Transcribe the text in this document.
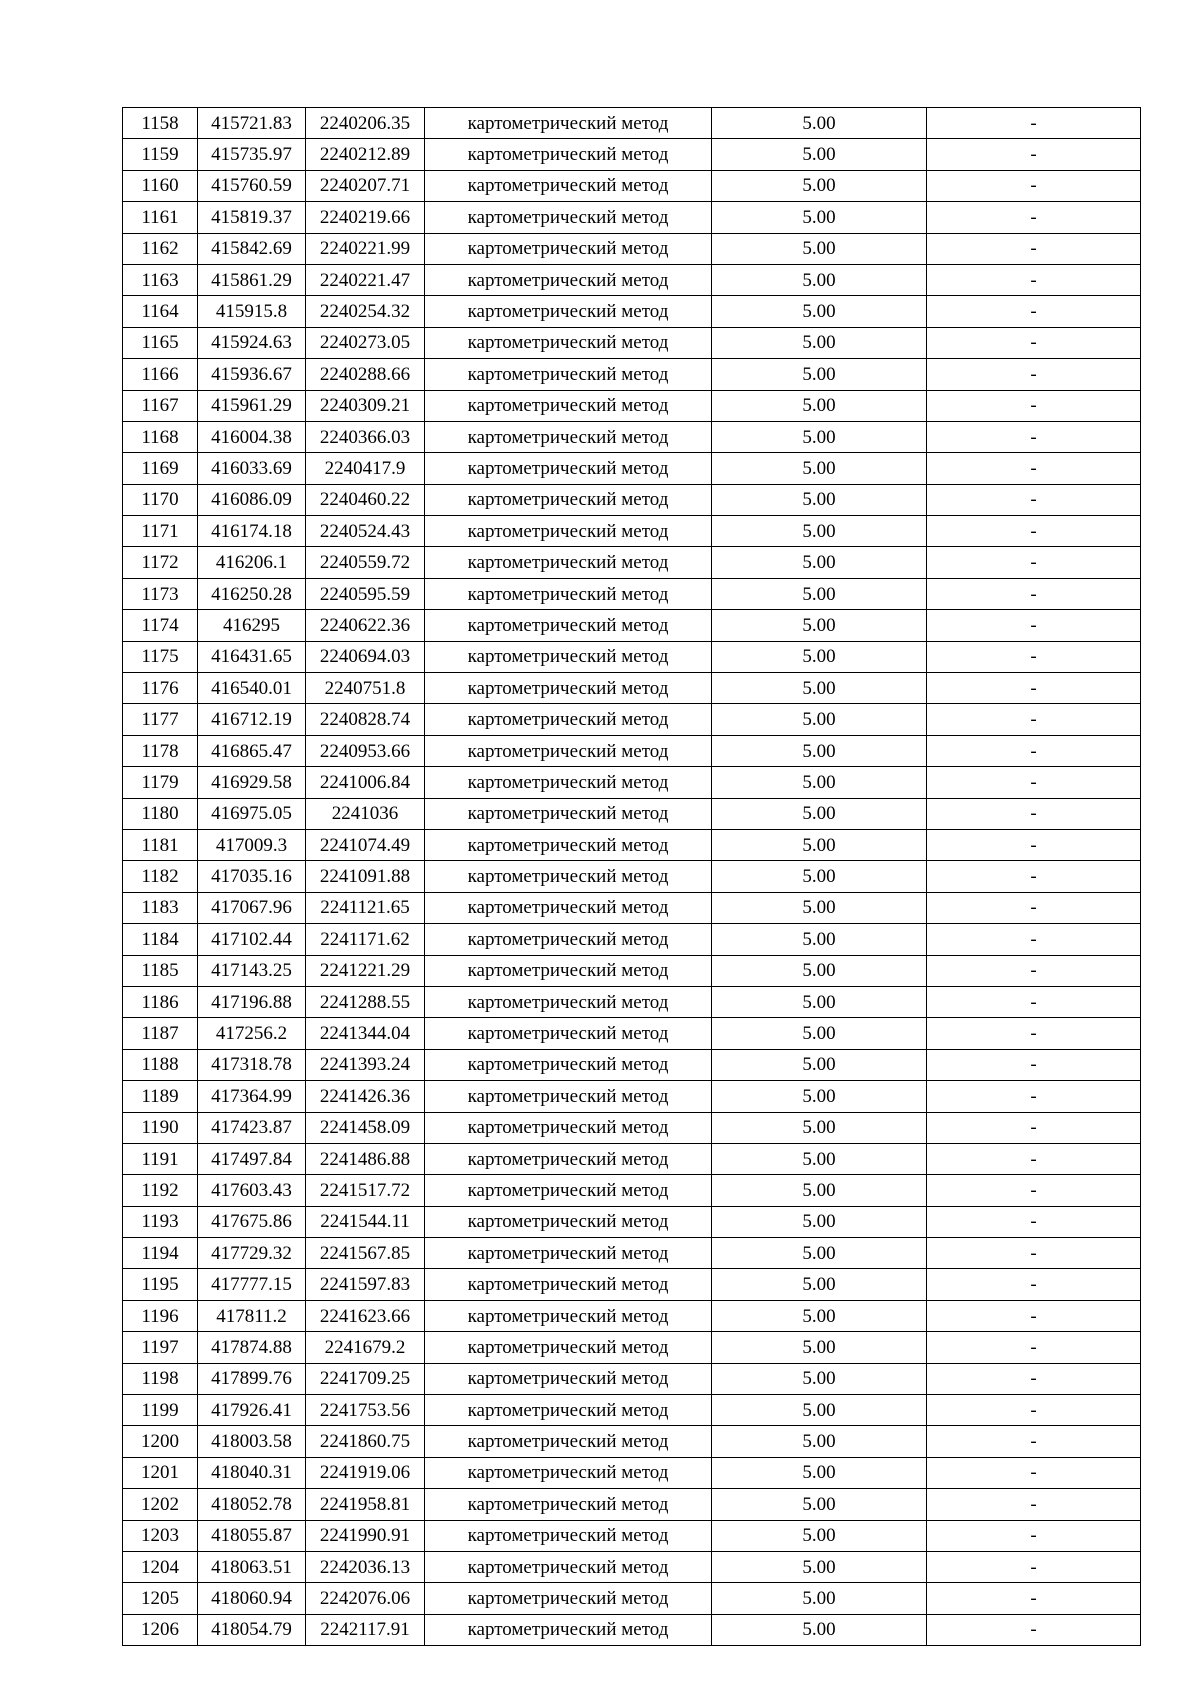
1158	415721.83	2240206.35	картометрический метод	5.00	-
1159	415735.97	2240212.89	картометрический метод	5.00	-
1160	415760.59	2240207.71	картометрический метод	5.00	-
1161	415819.37	2240219.66	картометрический метод	5.00	-
1162	415842.69	2240221.99	картометрический метод	5.00	-
1163	415861.29	2240221.47	картометрический метод	5.00	-
1164	415915.8	2240254.32	картометрический метод	5.00	-
1165	415924.63	2240273.05	картометрический метод	5.00	-
1166	415936.67	2240288.66	картометрический метод	5.00	-
1167	415961.29	2240309.21	картометрический метод	5.00	-
1168	416004.38	2240366.03	картометрический метод	5.00	-
1169	416033.69	2240417.9	картометрический метод	5.00	-
1170	416086.09	2240460.22	картометрический метод	5.00	-
1171	416174.18	2240524.43	картометрический метод	5.00	-
1172	416206.1	2240559.72	картометрический метод	5.00	-
1173	416250.28	2240595.59	картометрический метод	5.00	-
1174	416295	2240622.36	картометрический метод	5.00	-
1175	416431.65	2240694.03	картометрический метод	5.00	-
1176	416540.01	2240751.8	картометрический метод	5.00	-
1177	416712.19	2240828.74	картометрический метод	5.00	-
1178	416865.47	2240953.66	картометрический метод	5.00	-
1179	416929.58	2241006.84	картометрический метод	5.00	-
1180	416975.05	2241036	картометрический метод	5.00	-
1181	417009.3	2241074.49	картометрический метод	5.00	-
1182	417035.16	2241091.88	картометрический метод	5.00	-
1183	417067.96	2241121.65	картометрический метод	5.00	-
1184	417102.44	2241171.62	картометрический метод	5.00	-
1185	417143.25	2241221.29	картометрический метод	5.00	-
1186	417196.88	2241288.55	картометрический метод	5.00	-
1187	417256.2	2241344.04	картометрический метод	5.00	-
1188	417318.78	2241393.24	картометрический метод	5.00	-
1189	417364.99	2241426.36	картометрический метод	5.00	-
1190	417423.87	2241458.09	картометрический метод	5.00	-
1191	417497.84	2241486.88	картометрический метод	5.00	-
1192	417603.43	2241517.72	картометрический метод	5.00	-
1193	417675.86	2241544.11	картометрический метод	5.00	-
1194	417729.32	2241567.85	картометрический метод	5.00	-
1195	417777.15	2241597.83	картометрический метод	5.00	-
1196	417811.2	2241623.66	картометрический метод	5.00	-
1197	417874.88	2241679.2	картометрический метод	5.00	-
1198	417899.76	2241709.25	картометрический метод	5.00	-
1199	417926.41	2241753.56	картометрический метод	5.00	-
1200	418003.58	2241860.75	картометрический метод	5.00	-
1201	418040.31	2241919.06	картометрический метод	5.00	-
1202	418052.78	2241958.81	картометрический метод	5.00	-
1203	418055.87	2241990.91	картометрический метод	5.00	-
1204	418063.51	2242036.13	картометрический метод	5.00	-
1205	418060.94	2242076.06	картометрический метод	5.00	-
1206	418054.79	2242117.91	картометрический метод	5.00	-
